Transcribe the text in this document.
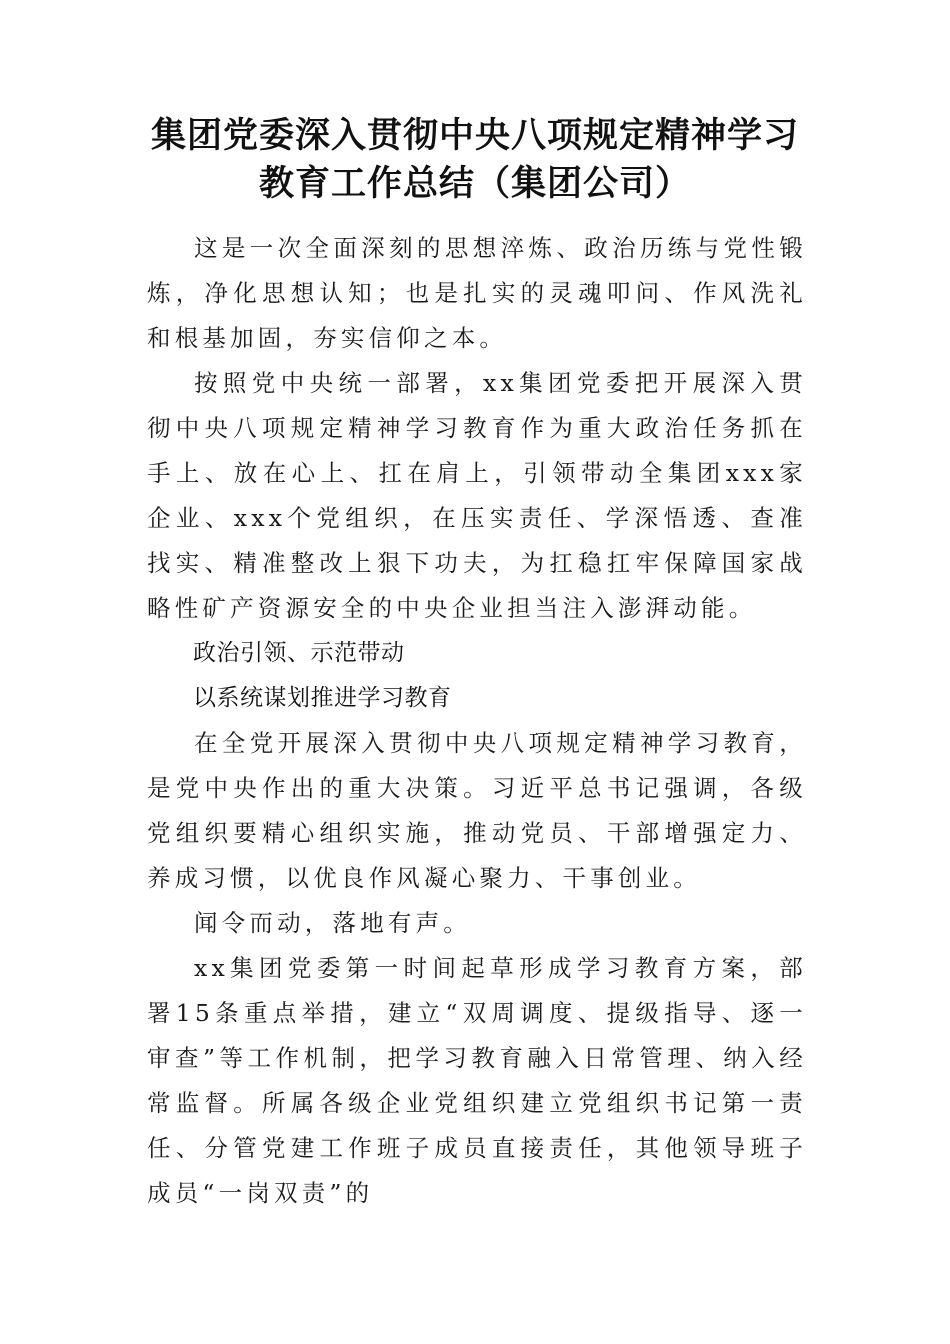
集团党委深入贯彻中央八项规定精神学习
教育工作总结（集团公司）

这是一次全面深刻的思想淬炼、政治历练与党性锻炼，净化思想认知；也是扎实的灵魂叩问、作风洗礼和根基加固，夯实信仰之本。

按照党中央统一部署，xx集团党委把开展深入贯彻中央八项规定精神学习教育作为重大政治任务抓在手上、放在心上、扛在肩上，引领带动全集团xxx家企业、xxx个党组织，在压实责任、学深悟透、查准找实、精准整改上狠下功夫，为扛稳扛牢保障国家战略性矿产资源安全的中央企业担当注入澎湃动能。

政治引领、示范带动

以系统谋划推进学习教育

在全党开展深入贯彻中央八项规定精神学习教育，是党中央作出的重大决策。习近平总书记强调，各级党组织要精心组织实施，推动党员、干部增强定力、养成习惯，以优良作风凝心聚力、干事创业。

闻令而动，落地有声。

xx集团党委第一时间起草形成学习教育方案，部署15条重点举措，建立“双周调度、提级指导、逐一审查”等工作机制，把学习教育融入日常管理、纳入经常监督。所属各级企业党组织建立党组织书记第一责任、分管党建工作班子成员直接责任，其他领导班子成员“一岗双责”的
